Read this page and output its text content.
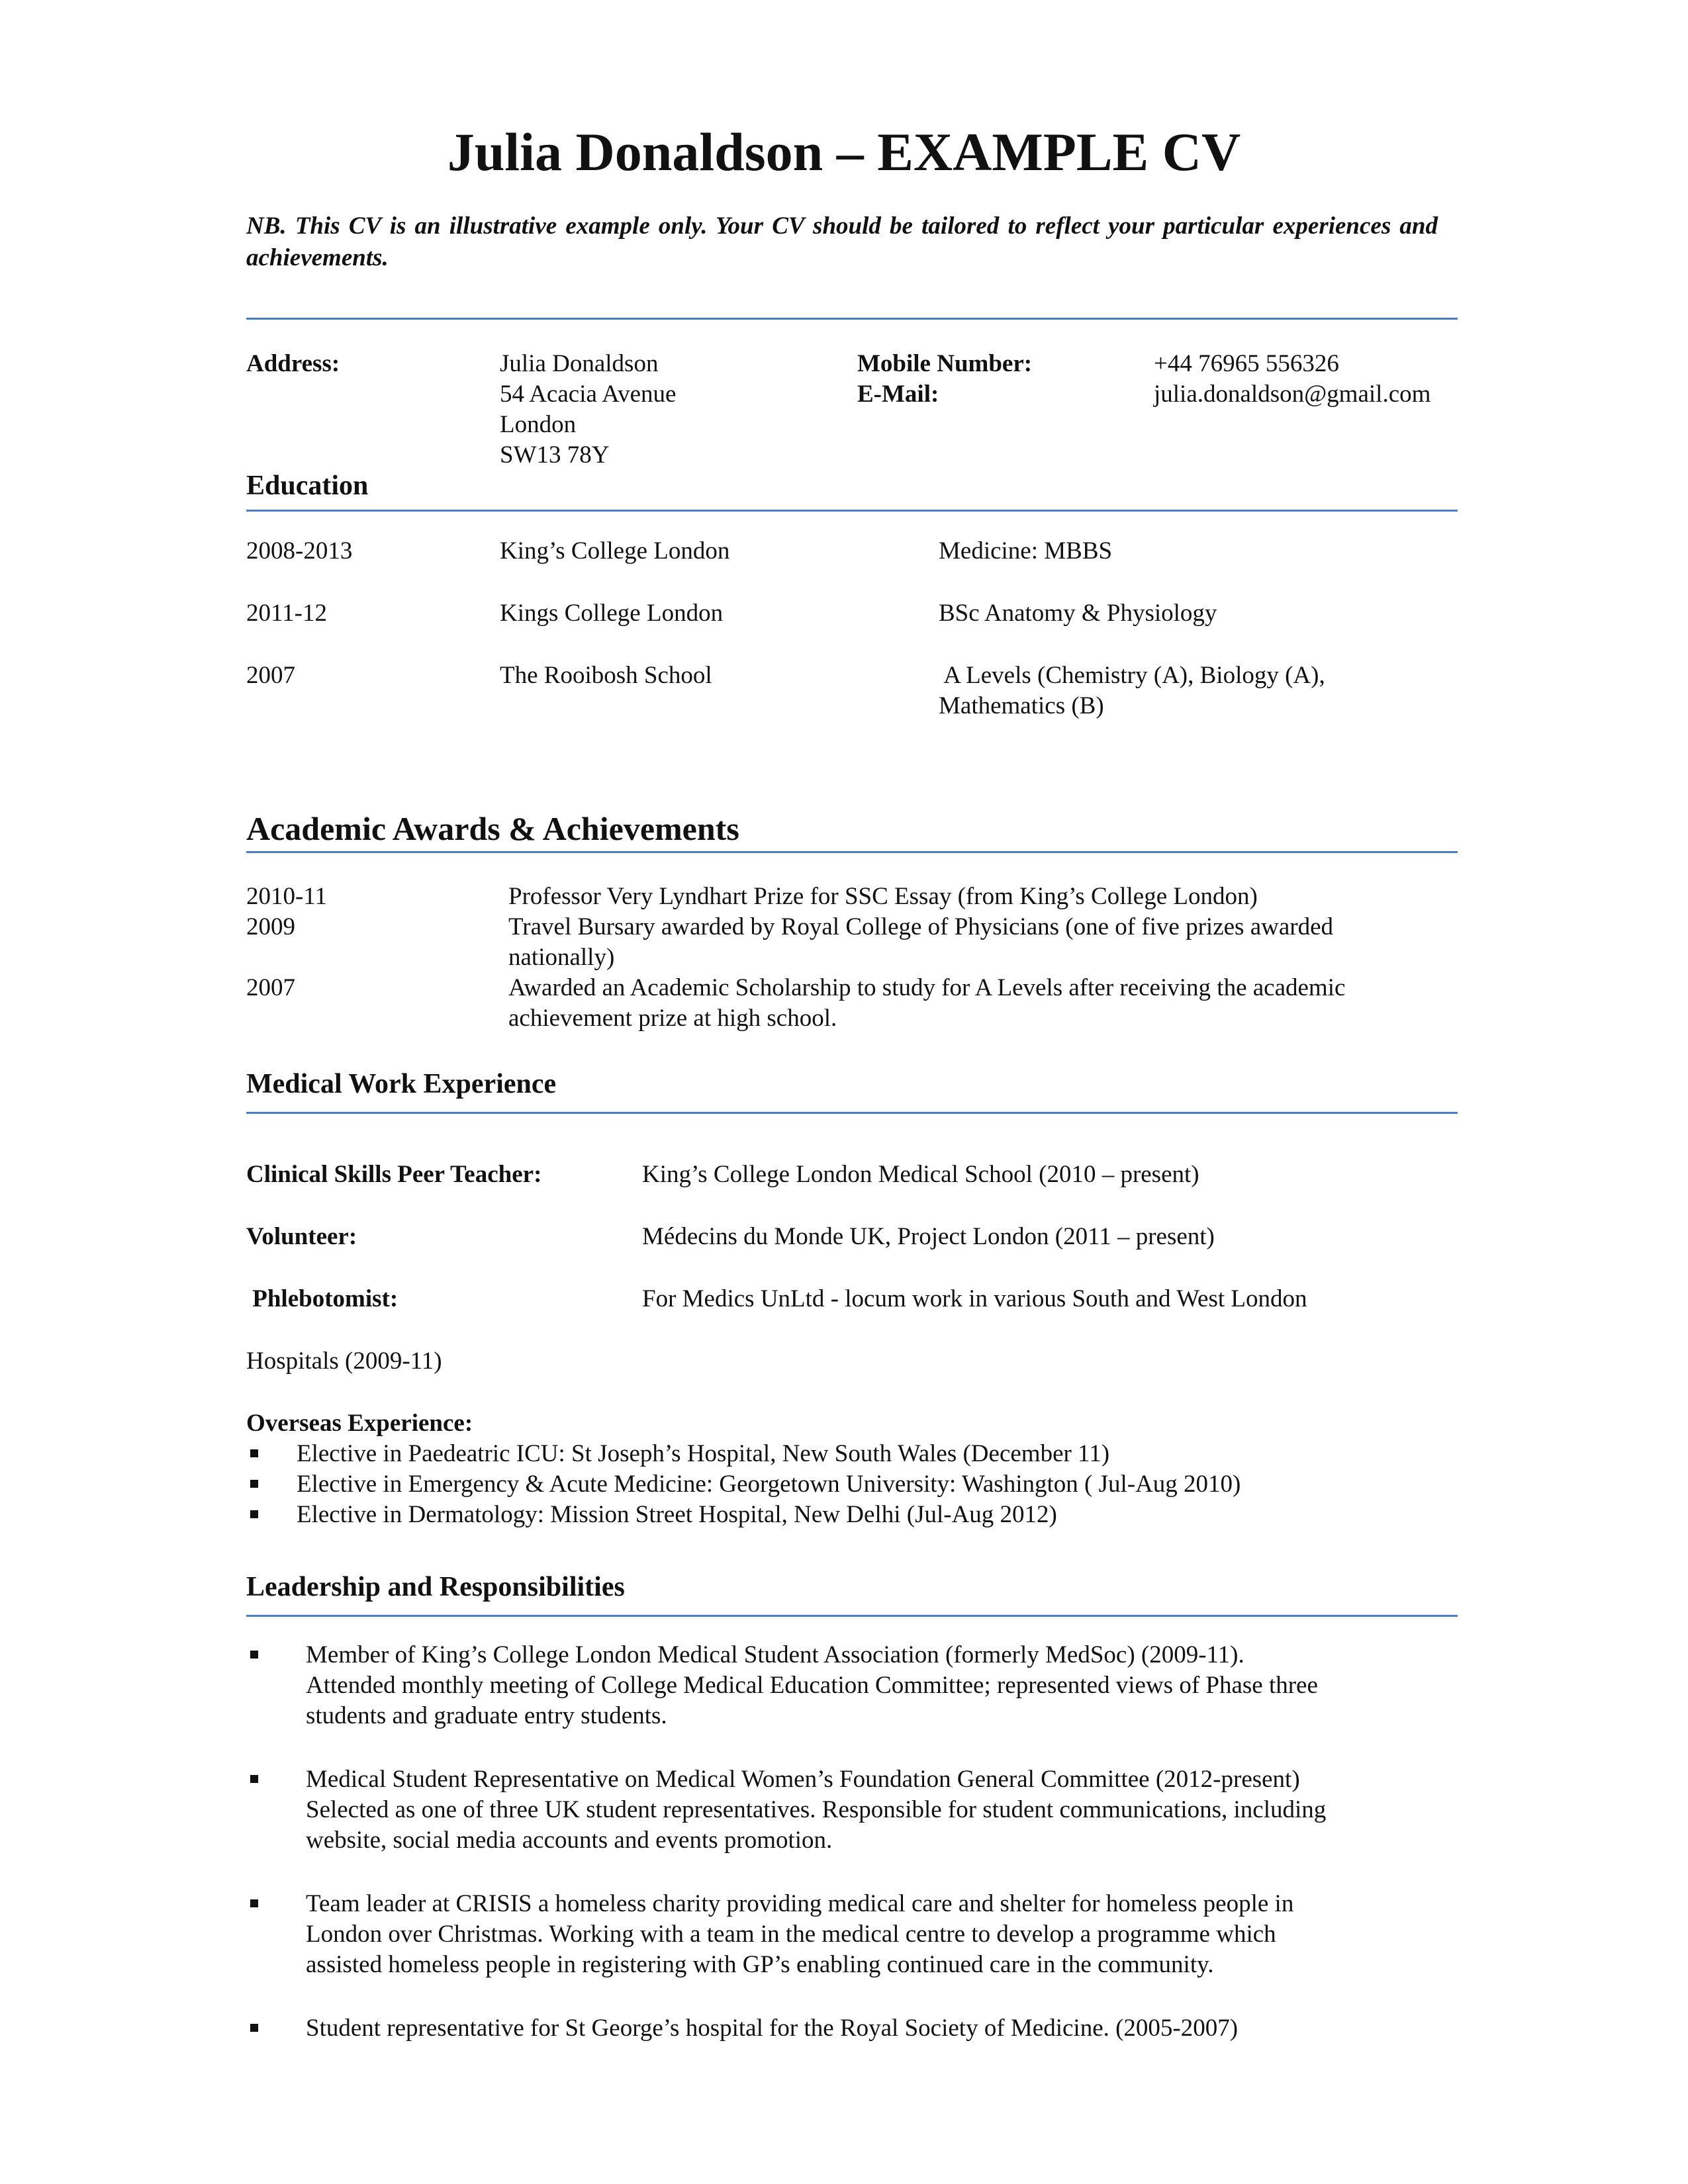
Julia Donaldson – EXAMPLE CV
NB. This CV is an illustrative example only. Your CV should be tailored to reflect your particular experiences and achievements.
Address:	Julia Donaldson
54 Acacia Avenue
London
SW13 78Y
Mobile Number:	+44 76965 556326
E-Mail:	julia.donaldson@gmail.com
Education
2008-2013	King’s College London	Medicine: MBBS
2011-12	Kings College London	BSc Anatomy & Physiology
2007	The Rooibosh School	A Levels (Chemistry (A), Biology (A),
Mathematics (B)
Academic Awards & Achievements
2010-11	Professor Very Lyndhart Prize for SSC Essay (from King’s College London)
2009	Travel Bursary awarded by Royal College of Physicians (one of five prizes awarded
nationally)
2007	Awarded an Academic Scholarship to study for A Levels after receiving the academic
achievement prize at high school.
Medical Work Experience
Clinical Skills Peer Teacher:	King’s College London Medical School (2010 – present)
Volunteer:	Médecins du Monde UK, Project London (2011 – present)
Phlebotomist:	For Medics UnLtd - locum work in various South and West London
Hospitals (2009-11)
Overseas Experience:
Elective in Paedeatric ICU: St Joseph’s Hospital, New South Wales (December 11)
Elective in Emergency & Acute Medicine: Georgetown University: Washington ( Jul-Aug 2010)
Elective in Dermatology: Mission Street Hospital, New Delhi (Jul-Aug 2012)
Leadership and Responsibilities
Member of King’s College London Medical Student Association (formerly MedSoc) (2009-11).
Attended monthly meeting of College Medical Education Committee; represented views of Phase three
students and graduate entry students.
Medical Student Representative on Medical Women’s Foundation General Committee (2012-present)
Selected as one of three UK student representatives. Responsible for student communications, including
website, social media accounts and events promotion.
Team leader at CRISIS a homeless charity providing medical care and shelter for homeless people in
London over Christmas. Working with a team in the medical centre to develop a programme which
assisted homeless people in registering with GP’s enabling continued care in the community.
Student representative for St George’s hospital for the Royal Society of Medicine. (2005-2007)
